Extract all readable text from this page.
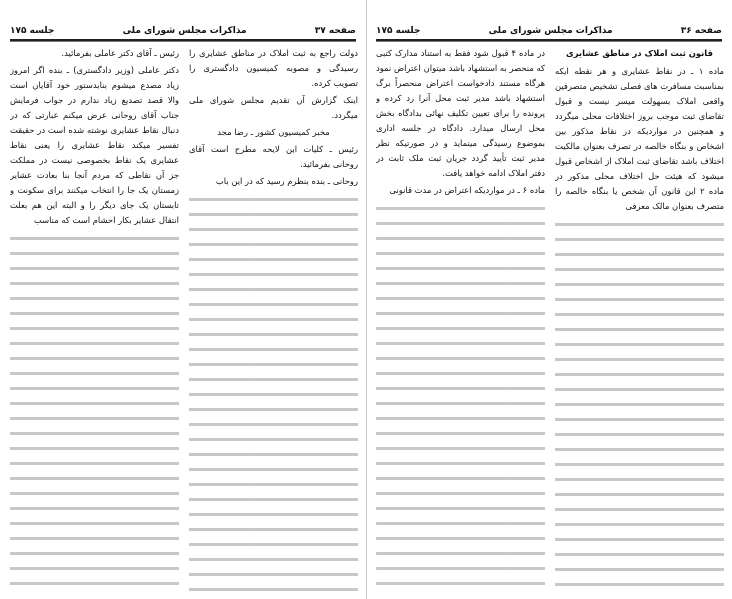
صفحه ۳۷
مذاکرات مجلس شورای ملی
جلسه ۱۷۵

دولت راجع به ثبت املاک در مناطق عشایری را رسیدگی و مصوبه کمیسیون دادگستری را تصویب کرده.

اینک گزارش آن تقدیم مجلس شورای ملی میگردد.

مخبر کمیسیون کشور ـ رضا مجد

رئیس ـ کلیات این لایحه مطرح است آقای روحانی بفرمائید.

روحانی ـ بنده بنظرم رسید که در این باب

رئیس ـ آقای دکتر عاملی بفرمائید.

دکتر عاملی (وزیر دادگستری) ـ بنده اگر امروز زیاد مصدع میشوم بنابدستور خود آقایان است والا قصد تصدیع زیاد ندارم در جواب فرمایش جناب آقای روحانی عرض میکنم عبارتی که در دنبال نقاط عشایری نوشته شده است در حقیقت تفسیر میکند نقاط عشایری را یعنی نقاط عشایری یک نقاط بخصوصی نیست در مملکت جز آن نقاطی که مردم آنجا بنا بعادت عشایر زمستان یک جا را انتخاب میکنند برای سکونت و تابستان یک جای دیگر را و البته این هم بعلت انتقال عشایر بکار احشام است که مناسب

صفحه ۳۶
مذاکرات مجلس شورای ملی
جلسه ۱۷۵

قانون ثبت املاک در مناطق عشایری

ماده ۱ ـ در نقاط عشایری و هر نقطه ایکه بمناسبت مسافرت های فصلی تشخیص متصرفین واقعی املاک بسهولت میسر نیست و قبول تقاضای ثبت موجب بروز اختلافات محلی میگردد و همچنین در مواردیکه در نقاط مذکور بین اشخاص و بنگاه خالصه در تصرف بعنوان مالکیت اختلاف باشد تقاضای ثبت املاک از اشخاص قبول میشود که هیئت حل اختلاف محلی مذکور در ماده ۲ این قانون آن شخص یا بنگاه خالصه را متصرف بعنوان مالک معرفی

در ماده ۴ قبول شود فقط به استناد مدارک کتبی که منحصر به استشهاد باشد میتوان اعتراض نمود هرگاه مستند دادخواست اعتراض منحصراً برگ استشهاد باشد مدیر ثبت محل آنرا رد کرده و پرونده را برای تعیین تکلیف نهائی بدادگاه بخش محل ارسال میدارد. دادگاه در جلسه اداری بموضوع رسیدگی مینماید و در صورتیکه نظر مدیر ثبت تأیید گردد جریان ثبت ملک ثابت در دفتر املاک ادامه خواهد یافت.

ماده ۶ ـ در مواردیکه اعتراض در مدت قانونی
